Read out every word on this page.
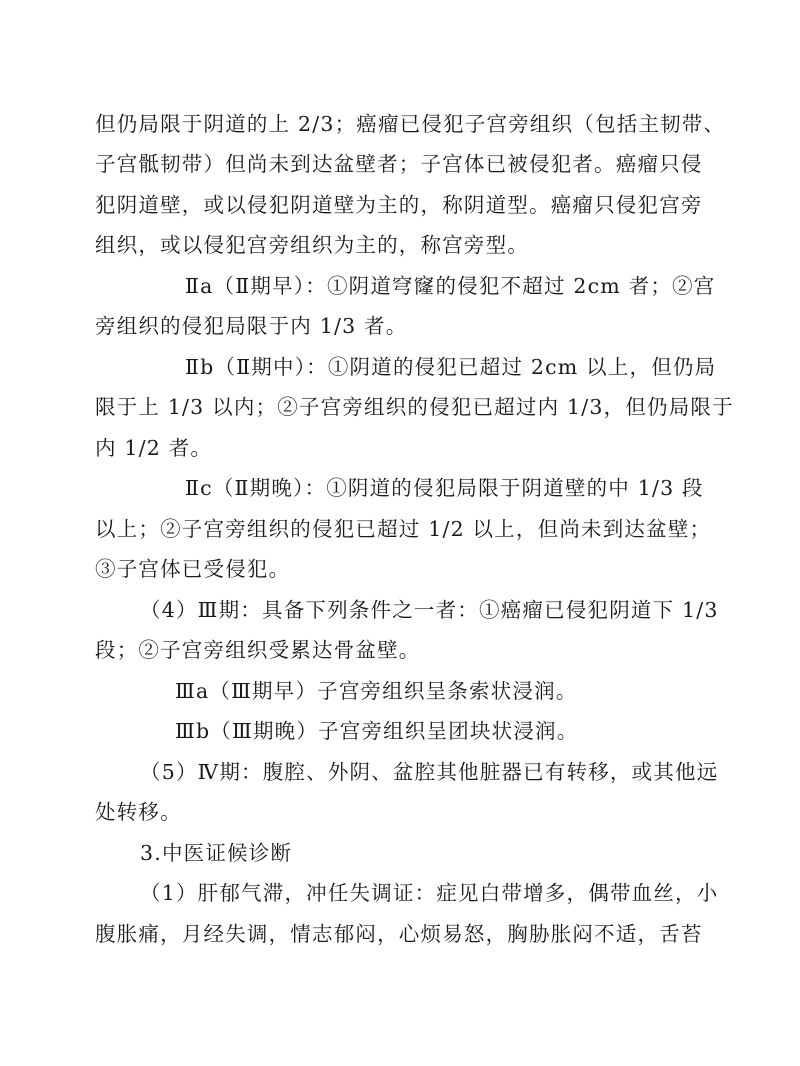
但仍局限于阴道的上 2/3；癌瘤已侵犯子宫旁组织（包括主韧带、
子宫骶韧带）但尚未到达盆壁者；子宫体已被侵犯者。癌瘤只侵
犯阴道壁，或以侵犯阴道壁为主的，称阴道型。癌瘤只侵犯宫旁
组织，或以侵犯宫旁组织为主的，称宫旁型。
Ⅱa（Ⅱ期早）：①阴道穹窿的侵犯不超过 2cm 者；②宫
旁组织的侵犯局限于内 1/3 者。
Ⅱb（Ⅱ期中）：①阴道的侵犯已超过 2cm 以上，但仍局
限于上 1/3 以内；②子宫旁组织的侵犯已超过内 1/3，但仍局限于
内 1/2 者。
Ⅱc（Ⅱ期晚）：①阴道的侵犯局限于阴道壁的中 1/3 段
以上；②子宫旁组织的侵犯已超过 1/2 以上，但尚未到达盆壁；
③子宫体已受侵犯。
（4）Ⅲ期：具备下列条件之一者：①癌瘤已侵犯阴道下 1/3
段；②子宫旁组织受累达骨盆壁。
Ⅲa（Ⅲ期早）子宫旁组织呈条索状浸润。
Ⅲb（Ⅲ期晚）子宫旁组织呈团块状浸润。
（5）Ⅳ期：腹腔、外阴、盆腔其他脏器已有转移，或其他远
处转移。
3.中医证候诊断
（1）肝郁气滞，冲任失调证：症见白带增多，偶带血丝，小
腹胀痛，月经失调，情志郁闷，心烦易怒，胸胁胀闷不适，舌苔
